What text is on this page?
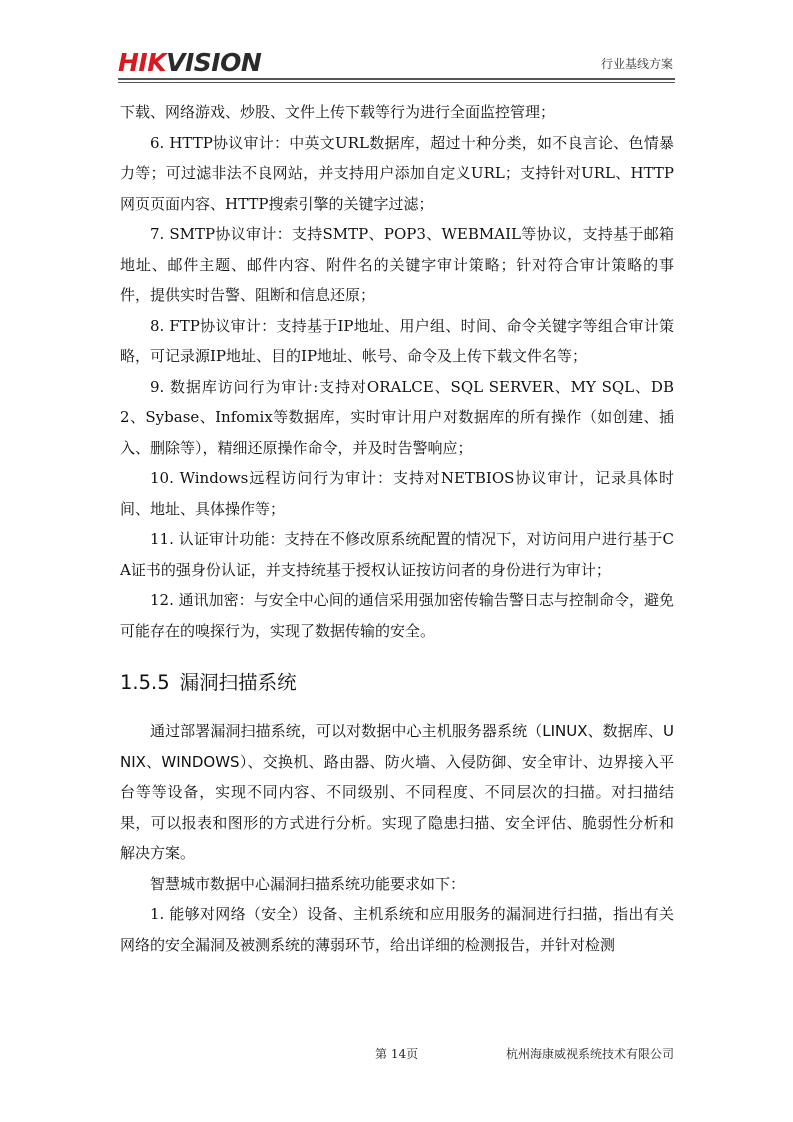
HIKVISION	行业基线方案

下载、网络游戏、炒股、文件上传下载等行为进行全面监控管理；

6. HTTP协议审计：中英文URL数据库，超过十种分类，如不良言论、色情暴力等；可过滤非法不良网站，并支持用户添加自定义URL；支持针对URL、HTTP网页页面内容、HTTP搜索引擎的关键字过滤；

7. SMTP协议审计：支持SMTP、POP3、WEBMAIL等协议，支持基于邮箱地址、邮件主题、邮件内容、附件名的关键字审计策略；针对符合审计策略的事件，提供实时告警、阻断和信息还原；

8. FTP协议审计：支持基于IP地址、用户组、时间、命令关键字等组合审计策略，可记录源IP地址、目的IP地址、帐号、命令及上传下载文件名等；

9. 数据库访问行为审计:支持对ORALCE、SQL SERVER、MY SQL、DB2、Sybase、Infomix等数据库，实时审计用户对数据库的所有操作（如创建、插入、删除等），精细还原操作命令，并及时告警响应；

10. Windows远程访问行为审计：支持对NETBIOS协议审计，记录具体时间、地址、具体操作等；

11. 认证审计功能：支持在不修改原系统配置的情况下，对访问用户进行基于CA证书的强身份认证，并支持统基于授权认证按访问者的身份进行为审计；

12. 通讯加密：与安全中心间的通信采用强加密传输告警日志与控制命令，避免可能存在的嗅探行为，实现了数据传输的安全。

1.5.5 漏洞扫描系统

通过部署漏洞扫描系统，可以对数据中心主机服务器系统（LINUX、数据库、UNIX、WINDOWS）、交换机、路由器、防火墙、入侵防御、安全审计、边界接入平台等等设备，实现不同内容、不同级别、不同程度、不同层次的扫描。对扫描结果，可以报表和图形的方式进行分析。实现了隐患扫描、安全评估、脆弱性分析和解决方案。

智慧城市数据中心漏洞扫描系统功能要求如下：

1. 能够对网络（安全）设备、主机系统和应用服务的漏洞进行扫描，指出有关网络的安全漏洞及被测系统的薄弱环节，给出详细的检测报告，并针对检测

第 14页	杭州海康威视系统技术有限公司
